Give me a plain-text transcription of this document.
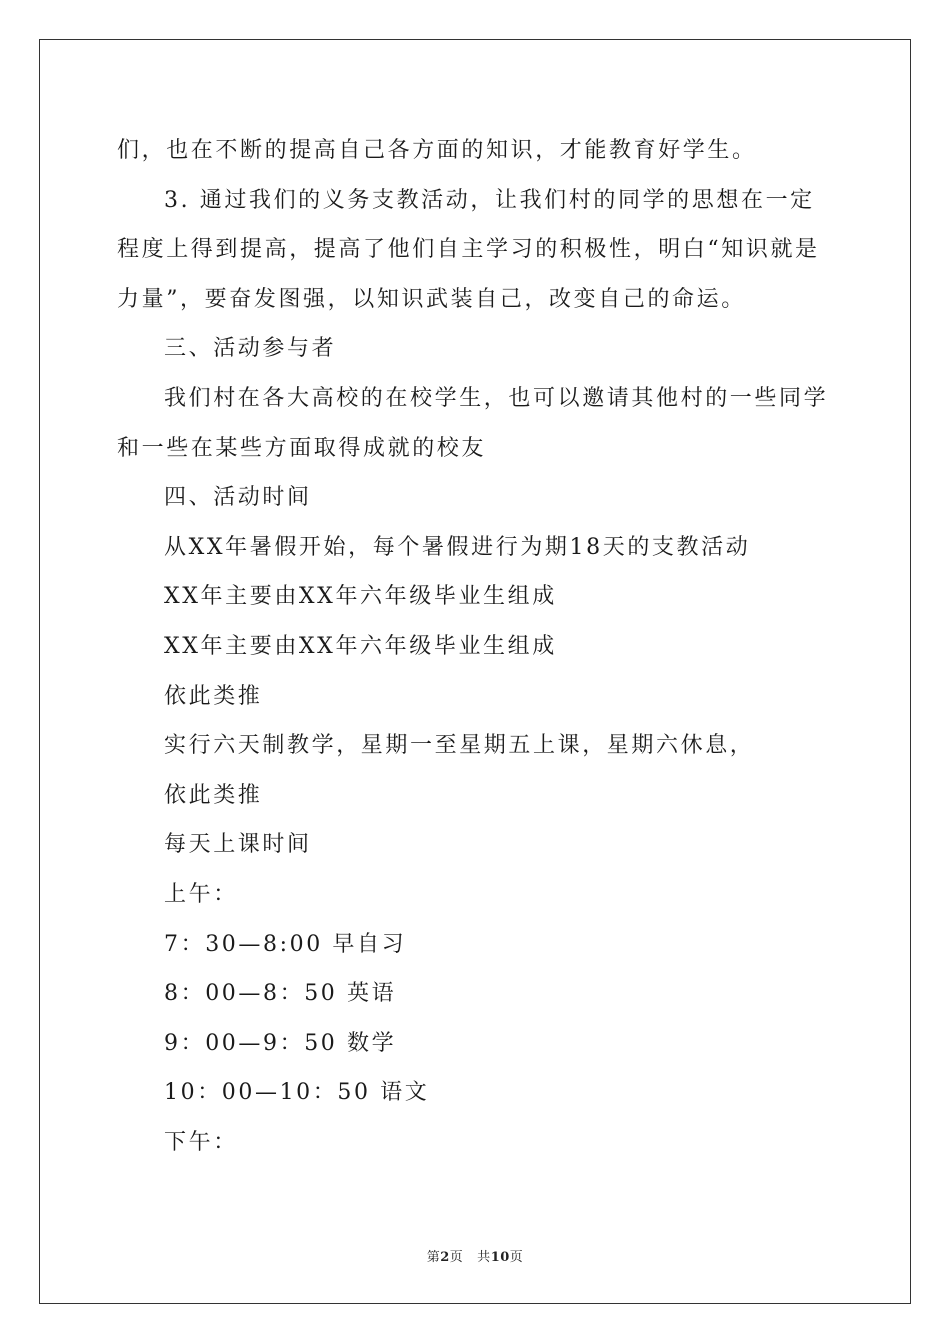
们，也在不断的提高自己各方面的知识，才能教育好学生。

3. 通过我们的义务支教活动，让我们村的同学的思想在一定程度上得到提高，提高了他们自主学习的积极性，明白“知识就是力量”，要奋发图强，以知识武装自己，改变自己的命运。

三、活动参与者

我们村在各大高校的在校学生，也可以邀请其他村的一些同学和一些在某些方面取得成就的校友

四、活动时间

从XX年暑假开始，每个暑假进行为期18天的支教活动

XX年主要由XX年六年级毕业生组成

XX年主要由XX年六年级毕业生组成

依此类推

实行六天制教学，星期一至星期五上课，星期六休息，

依此类推

每天上课时间

上午：

7：30—8:00 早自习

8：00—8：50 英语

9：00—9：50 数学

10：00—10：50 语文

下午：

第2页 共10页
